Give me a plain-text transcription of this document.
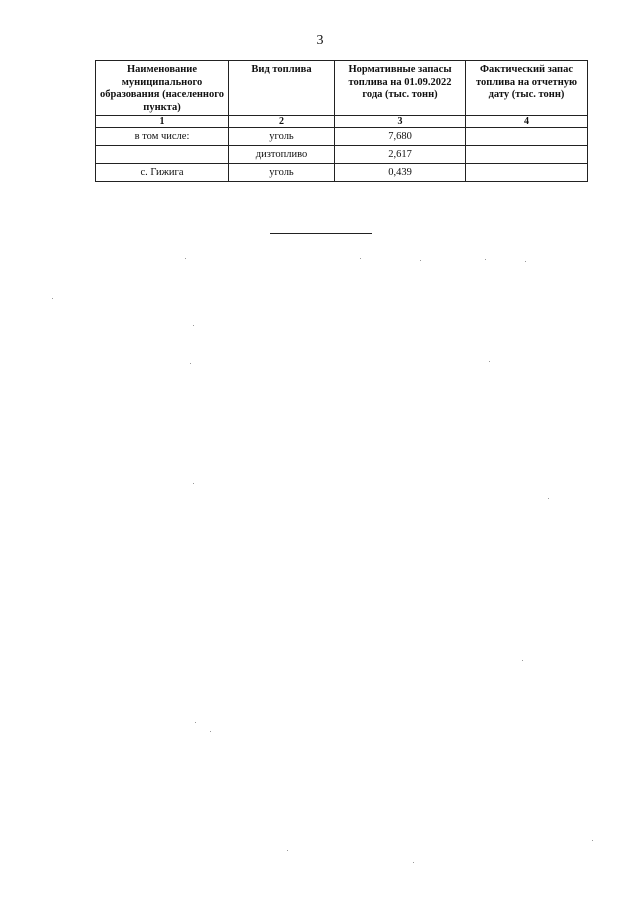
3
Наименование муниципального образования (населенного пункта)	Вид топлива	Нормативные запасы топлива на 01.09.2022 года (тыс. тонн)	Фактический запас топлива на отчетную дату (тыс. тонн)
1	2	3	4
в том числе:	уголь	7,680	
	дизтопливо	2,617	
с. Гижига	уголь	0,439	
